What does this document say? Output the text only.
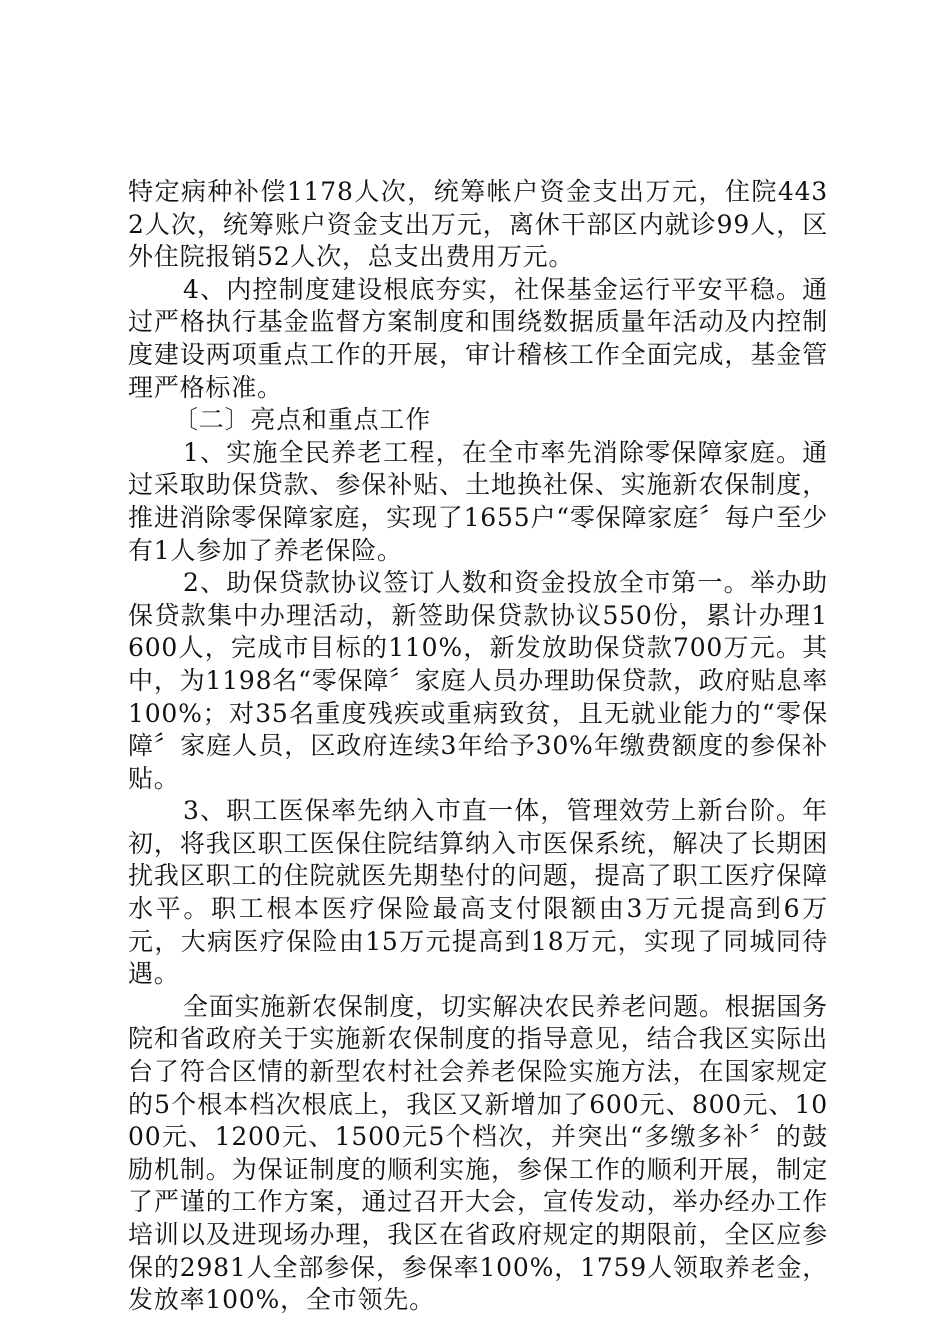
特定病种补偿1178人次，统筹帐户资金支出万元，住院4432人次，统筹账户资金支出万元，离休干部区内就诊99人，区外住院报销52人次，总支出费用万元。

4、内控制度建设根底夯实，社保基金运行平安平稳。通过严格执行基金监督方案制度和围绕数据质量年活动及内控制度建设两项重点工作的开展，审计稽核工作全面完成，基金管理严格标准。

〔二〕亮点和重点工作

1、实施全民养老工程，在全市率先消除零保障家庭。通过采取助保贷款、参保补贴、土地换社保、实施新农保制度，推进消除零保障家庭，实现了1655户“零保障家庭〞每户至少有1人参加了养老保险。

2、助保贷款协议签订人数和资金投放全市第一。举办助保贷款集中办理活动，新签助保贷款协议550份，累计办理1600人，完成市目标的110%，新发放助保贷款700万元。其中，为1198名“零保障〞家庭人员办理助保贷款，政府贴息率100%；对35名重度残疾或重病致贫，且无就业能力的“零保障〞家庭人员，区政府连续3年给予30%年缴费额度的参保补贴。

3、职工医保率先纳入市直一体，管理效劳上新台阶。年初，将我区职工医保住院结算纳入市医保系统，解决了长期困扰我区职工的住院就医先期垫付的问题，提高了职工医疗保障水平。职工根本医疗保险最高支付限额由3万元提高到6万元，大病医疗保险由15万元提高到18万元，实现了同城同待遇。

全面实施新农保制度，切实解决农民养老问题。根据国务院和省政府关于实施新农保制度的指导意见，结合我区实际出台了符合区情的新型农村社会养老保险实施方法，在国家规定的5个根本档次根底上，我区又新增加了600元、800元、1000元、1200元、1500元5个档次，并突出“多缴多补〞的鼓励机制。为保证制度的顺利实施，参保工作的顺利开展，制定了严谨的工作方案，通过召开大会，宣传发动，举办经办工作培训以及进现场办理，我区在省政府规定的期限前，全区应参保的2981人全部参保，参保率100%，1759人领取养老金，发放率100%，全市领先。
